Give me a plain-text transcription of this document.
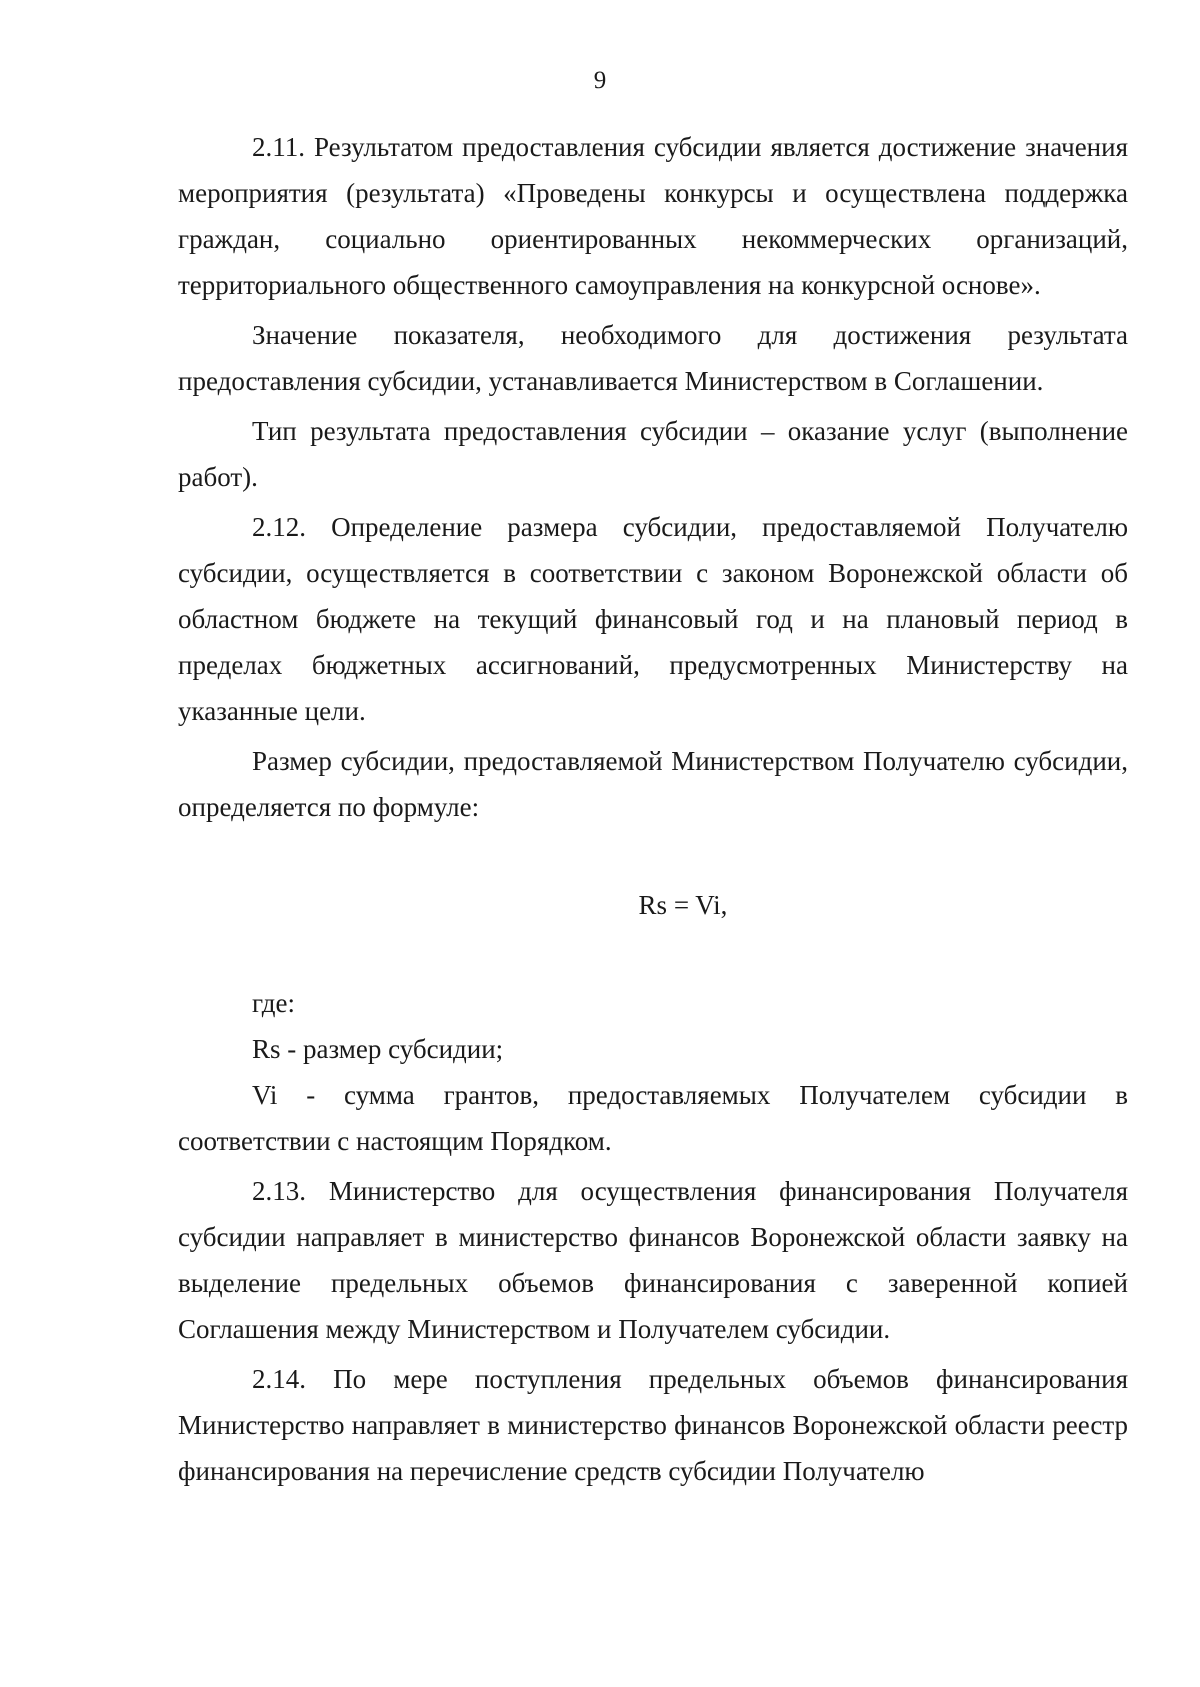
9

2.11. Результатом предоставления субсидии является достижение значения мероприятия (результата) «Проведены конкурсы и осуществлена поддержка граждан, социально ориентированных некоммерческих организаций, территориального общественного самоуправления на конкурсной основе».

Значение показателя, необходимого для достижения результата предоставления субсидии, устанавливается Министерством в Соглашении.

Тип результата предоставления субсидии – оказание услуг (выполнение работ).

2.12. Определение размера субсидии, предоставляемой Получателю субсидии, осуществляется в соответствии с законом Воронежской области об областном бюджете на текущий финансовый год и на плановый период в пределах бюджетных ассигнований, предусмотренных Министерству на указанные цели.

Размер субсидии, предоставляемой Министерством Получателю субсидии, определяется по формуле:

Rs = Vi,

где:

Rs - размер субсидии;

Vi - сумма грантов, предоставляемых Получателем субсидии в соответствии с настоящим Порядком.

2.13. Министерство для осуществления финансирования Получателя субсидии направляет в министерство финансов Воронежской области заявку на выделение предельных объемов финансирования с заверенной копией Соглашения между Министерством и Получателем субсидии.

2.14. По мере поступления предельных объемов финансирования Министерство направляет в министерство финансов Воронежской области реестр финансирования на перечисление средств субсидии Получателю
